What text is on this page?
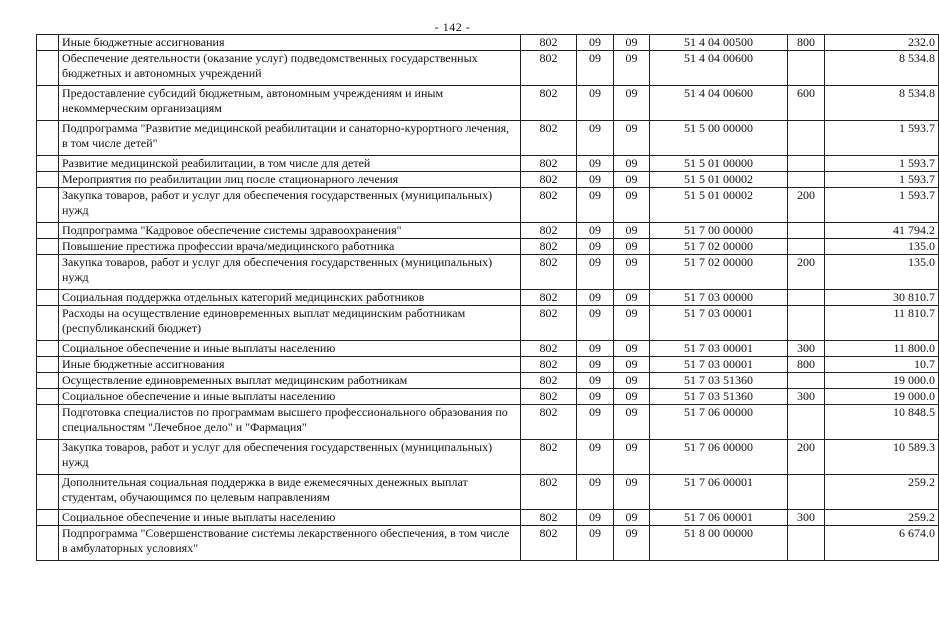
- 142 -
	Иные бюджетные ассигнования	802	09	09	51 4 04 00500	800	232.0
	Обеспечение деятельности (оказание услуг) подведомственных государственных бюджетных и автономных учреждений	802	09	09	51 4 04 00600		8 534.8
	Предоставление субсидий бюджетным, автономным учреждениям и иным некоммерческим организациям	802	09	09	51 4 04 00600	600	8 534.8
	Подпрограмма "Развитие медицинской реабилитации и санаторно-курортного лечения, в том числе детей"	802	09	09	51 5 00 00000		1 593.7
	Развитие медицинской реабилитации, в том числе для детей	802	09	09	51 5 01 00000		1 593.7
	Мероприятия по реабилитации лиц после стационарного лечения	802	09	09	51 5 01 00002		1 593.7
	Закупка товаров, работ и услуг для обеспечения государственных (муниципальных) нужд	802	09	09	51 5 01 00002	200	1 593.7
	Подпрограмма "Кадровое обеспечение системы здравоохранения"	802	09	09	51 7 00 00000		41 794.2
	Повышение престижа профессии врача/медицинского работника	802	09	09	51 7 02 00000		135.0
	Закупка товаров, работ и услуг для обеспечения государственных (муниципальных) нужд	802	09	09	51 7 02 00000	200	135.0
	Социальная поддержка отдельных категорий медицинских работников	802	09	09	51 7 03 00000		30 810.7
	Расходы на осуществление единовременных выплат медицинским работникам (республиканский бюджет)	802	09	09	51 7 03 00001		11 810.7
	Социальное обеспечение и иные выплаты населению	802	09	09	51 7 03 00001	300	11 800.0
	Иные бюджетные ассигнования	802	09	09	51 7 03 00001	800	10.7
	Осуществление единовременных выплат медицинским работникам	802	09	09	51 7 03 51360		19 000.0
	Социальное обеспечение и иные выплаты населению	802	09	09	51 7 03 51360	300	19 000.0
	Подготовка специалистов по программам высшего профессионального образования по специальностям "Лечебное дело" и "Фармация"	802	09	09	51 7 06 00000		10 848.5
	Закупка товаров, работ и услуг для обеспечения государственных (муниципальных) нужд	802	09	09	51 7 06 00000	200	10 589.3
	Дополнительная социальная поддержка в виде ежемесячных денежных выплат студентам, обучающимся по целевым направлениям	802	09	09	51 7 06 00001		259.2
	Социальное обеспечение и иные выплаты населению	802	09	09	51 7 06 00001	300	259.2
	Подпрограмма "Совершенствование системы лекарственного обеспечения, в том числе в амбулаторных условиях"	802	09	09	51 8 00 00000		6 674.0
